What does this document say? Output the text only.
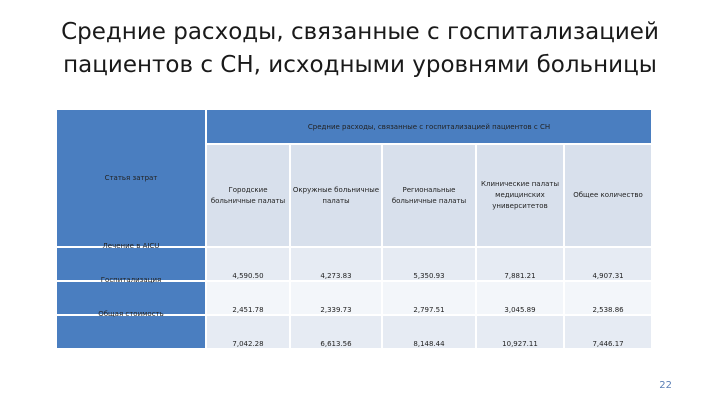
Средние расходы, связанные с госпитализацией пациентов с СН, исходными уровнями больницы
Статья затрат	Средние расходы, связанные с госпитализацией пациентов с СН				
	Городские больничные палаты	Окружные больничные палаты	Региональные больничные палаты	Клинические палаты медицинских университетов	Общее количество

Лечение в AICU	4,590.50	4,273.83	5,350.93	7,881.21	4,907.31

Госпитализация	2,451.78	2,339.73	2,797.51	3,045.89	2,538.86

Общая стоимость	7,042.28	6,613.56	8,148.44	10,927.11	7,446.17
22
